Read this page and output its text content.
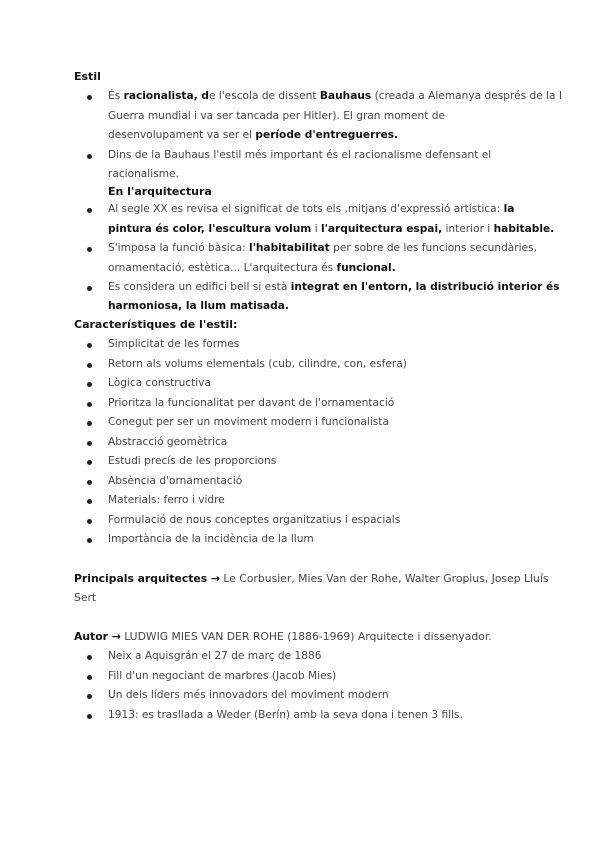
Estil
És racionalista, de l'escola de dissent Bauhaus (creada a Alemanya després de la I
Guerra mundial i va ser tancada per Hitler). El gran moment de
desenvolupament va ser el període d'entreguerres.
Dins de la Bauhaus l'estil més important és el racionalisme defensant el
racionalisme.
En l'arquitectura
Al segle XX es revisa el significat de tots els ,mitjans d'expressió artística: la
pintura és color, l'escultura volum i l'arquitectura espai, interior i habitable.
S'imposa la funció bàsica: l'habitabilitat per sobre de les funcions secundàries,
ornamentació, estètica... L'arquitectura és funcional.
Es considera un edifici bell si està integrat en l'entorn, la distribució interior és
harmoniosa, la llum matisada.
Característiques de l'estil:
Simplicitat de les formes
Retorn als volums elementals (cub, cilindre, con, esfera)
Lògica constructiva
Prioritza la funcionalitat per davant de l'ornamentació
Conegut per ser un moviment modern i funcionalista
Abstracció geomètrica
Estudi precís de les proporcions
Absència d'ornamentació
Materials: ferro i vidre
Formulació de nous conceptes organitzatius i espacials
Importància de la incidència de la llum
Principals arquitectes → Le Corbusier, Mies Van der Rohe, Walter Gropius, Josep Lluís
Sert
Autor → LUDWIG MIES VAN DER ROHE (1886-1969) Arquitecte i dissenyador.
Neix a Aquisgrán el 27 de març de 1886
Fill d'un negociant de marbres (Jacob Mies)
Un dels líders més innovadors del moviment modern
1913: es trasllada a Weder (Berín) amb la seva dona i tenen 3 fills.
